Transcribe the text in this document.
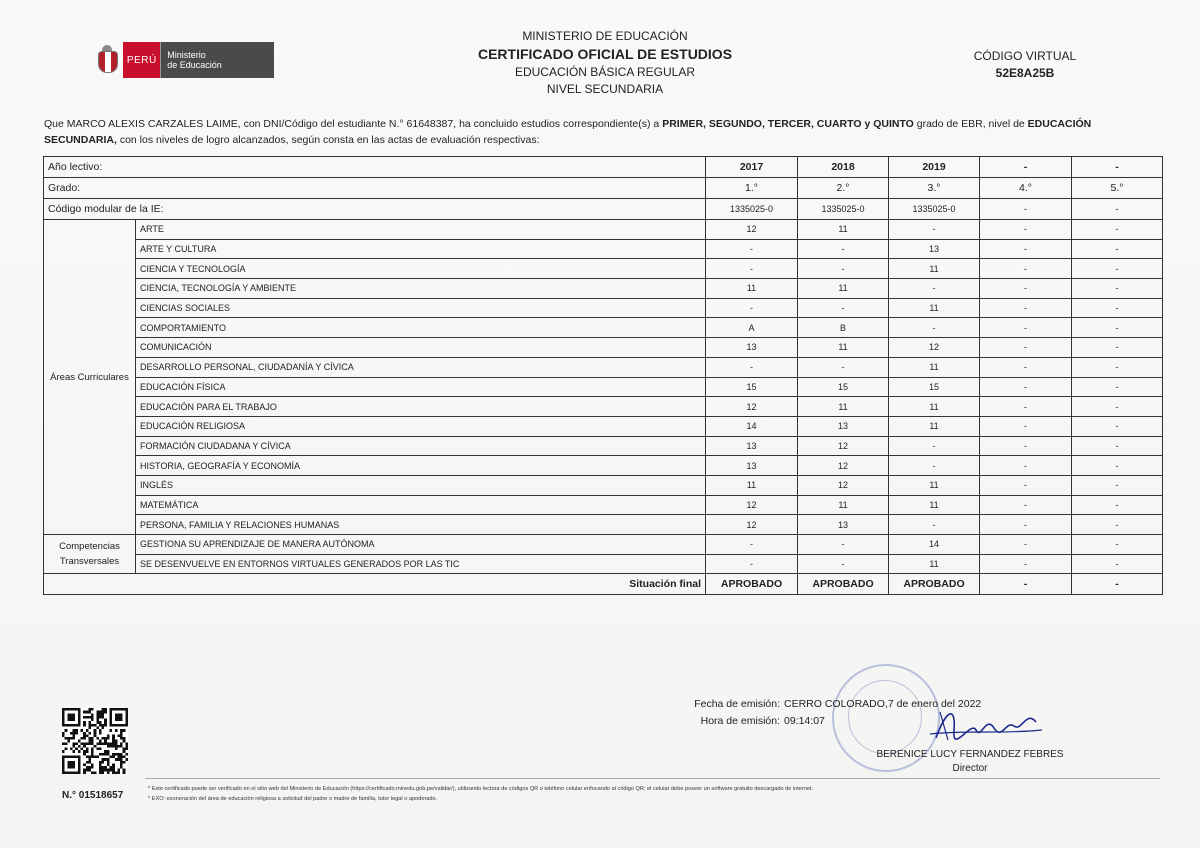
PERÚ	Ministerio
de Educación
MINISTERIO DE EDUCACIÓN
CERTIFICADO OFICIAL DE ESTUDIOS
EDUCACIÓN BÁSICA REGULAR
NIVEL SECUNDARIA
CÓDIGO VIRTUAL
52E8A25B
Que MARCO ALEXIS CARZALES LAIME, con DNI/Código del estudiante N.° 61648387, ha concluido estudios correspondiente(s) a PRIMER, SEGUNDO, TERCER, CUARTO y QUINTO grado de EBR, nivel de EDUCACIÓN SECUNDARIA, con los niveles de logro alcanzados, según consta en las actas de evaluación respectivas:
Año lectivo:		2017	2018	2019	-	-
Grado:		1.°	2.°	3.°	4.°	5.°
Código modular de la IE:		1335025-0	1335025-0	1335025-0	-	-
Áreas Curriculares	ARTE	12	11	-	-	-
	ARTE Y CULTURA	-	-	13	-	-
	CIENCIA Y TECNOLOGÍA	-	-	11	-	-
	CIENCIA, TECNOLOGÍA Y AMBIENTE	11	11	-	-	-
	CIENCIAS SOCIALES	-	-	11	-	-
	COMPORTAMIENTO	A	B	-	-	-
	COMUNICACIÓN	13	11	12	-	-
	DESARROLLO PERSONAL, CIUDADANÍA Y CÍVICA	-	-	11	-	-
	EDUCACIÓN FÍSICA	15	15	15	-	-
	EDUCACIÓN PARA EL TRABAJO	12	11	11	-	-
	EDUCACIÓN RELIGIOSA	14	13	11	-	-
	FORMACIÓN CIUDADANA Y CÍVICA	13	12	-	-	-
	HISTORIA, GEOGRAFÍA Y ECONOMÍA	13	12	-	-	-
	INGLÉS	11	12	11	-	-
	MATEMÁTICA	12	11	11	-	-
	PERSONA, FAMILIA Y RELACIONES HUMANAS	12	13	-	-	-

Competencias
Transversales	GESTIONA SU APRENDIZAJE DE MANERA AUTÓNOMA	-	-	14	-	-
	SE DESENVUELVE EN ENTORNOS VIRTUALES GENERADOS POR LAS TIC	-	-	11	-	-
Situación final		APROBADO	APROBADO	APROBADO	-	-
N.° 01518657
Fecha de emisión: CERRO COLORADO,7 de enero del 2022
Hora de emisión: 09:14:07
BERENICE LUCY FERNANDEZ FEBRES
Director
* Este certificado puede ser verificado en el sitio web del Ministerio de Educación (https://certificado.minedu.gob.pe/validar/), utilizando lectora de códigos QR o teléfono celular enfocando al código QR; el celular debe poseer un software gratuito descargado de internet.
* EXO: exoneración del área de educación religiosa a solicitud del padre o madre de familia, tutor legal o apoderado.
